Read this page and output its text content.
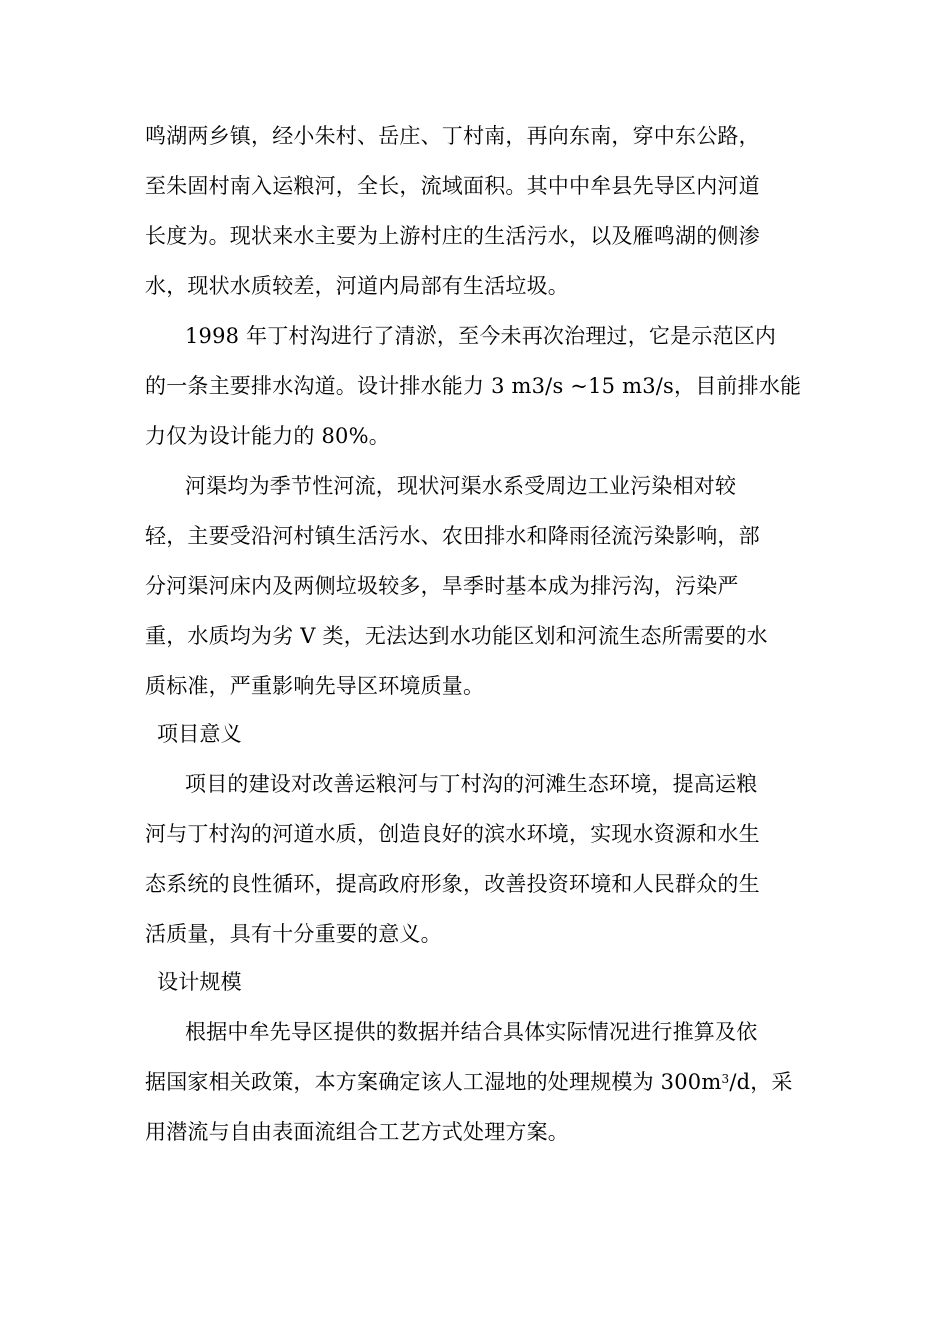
鸣湖两乡镇，经小朱村、岳庄、丁村南，再向东南，穿中东公路，
至朱固村南入运粮河，全长，流域面积。其中中牟县先导区内河道
长度为。现状来水主要为上游村庄的生活污水，以及雁鸣湖的侧渗
水，现状水质较差，河道内局部有生活垃圾。
1998 年丁村沟进行了清淤，至今未再次治理过，它是示范区内
的一条主要排水沟道。设计排水能力 3 m3/s ~15 m3/s，目前排水能
力仅为设计能力的 80%。
河渠均为季节性河流，现状河渠水系受周边工业污染相对较
轻，主要受沿河村镇生活污水、农田排水和降雨径流污染影响，部
分河渠河床内及两侧垃圾较多，旱季时基本成为排污沟，污染严
重，水质均为劣 V 类，无法达到水功能区划和河流生态所需要的水
质标准，严重影响先导区环境质量。
项目意义
项目的建设对改善运粮河与丁村沟的河滩生态环境，提高运粮
河与丁村沟的河道水质，创造良好的滨水环境，实现水资源和水生
态系统的良性循环，提高政府形象，改善投资环境和人民群众的生
活质量，具有十分重要的意义。
设计规模
根据中牟先导区提供的数据并结合具体实际情况进行推算及依
据国家相关政策，本方案确定该人工湿地的处理规模为 $300m^3/d$，采
用潜流与自由表面流组合工艺方式处理方案。
